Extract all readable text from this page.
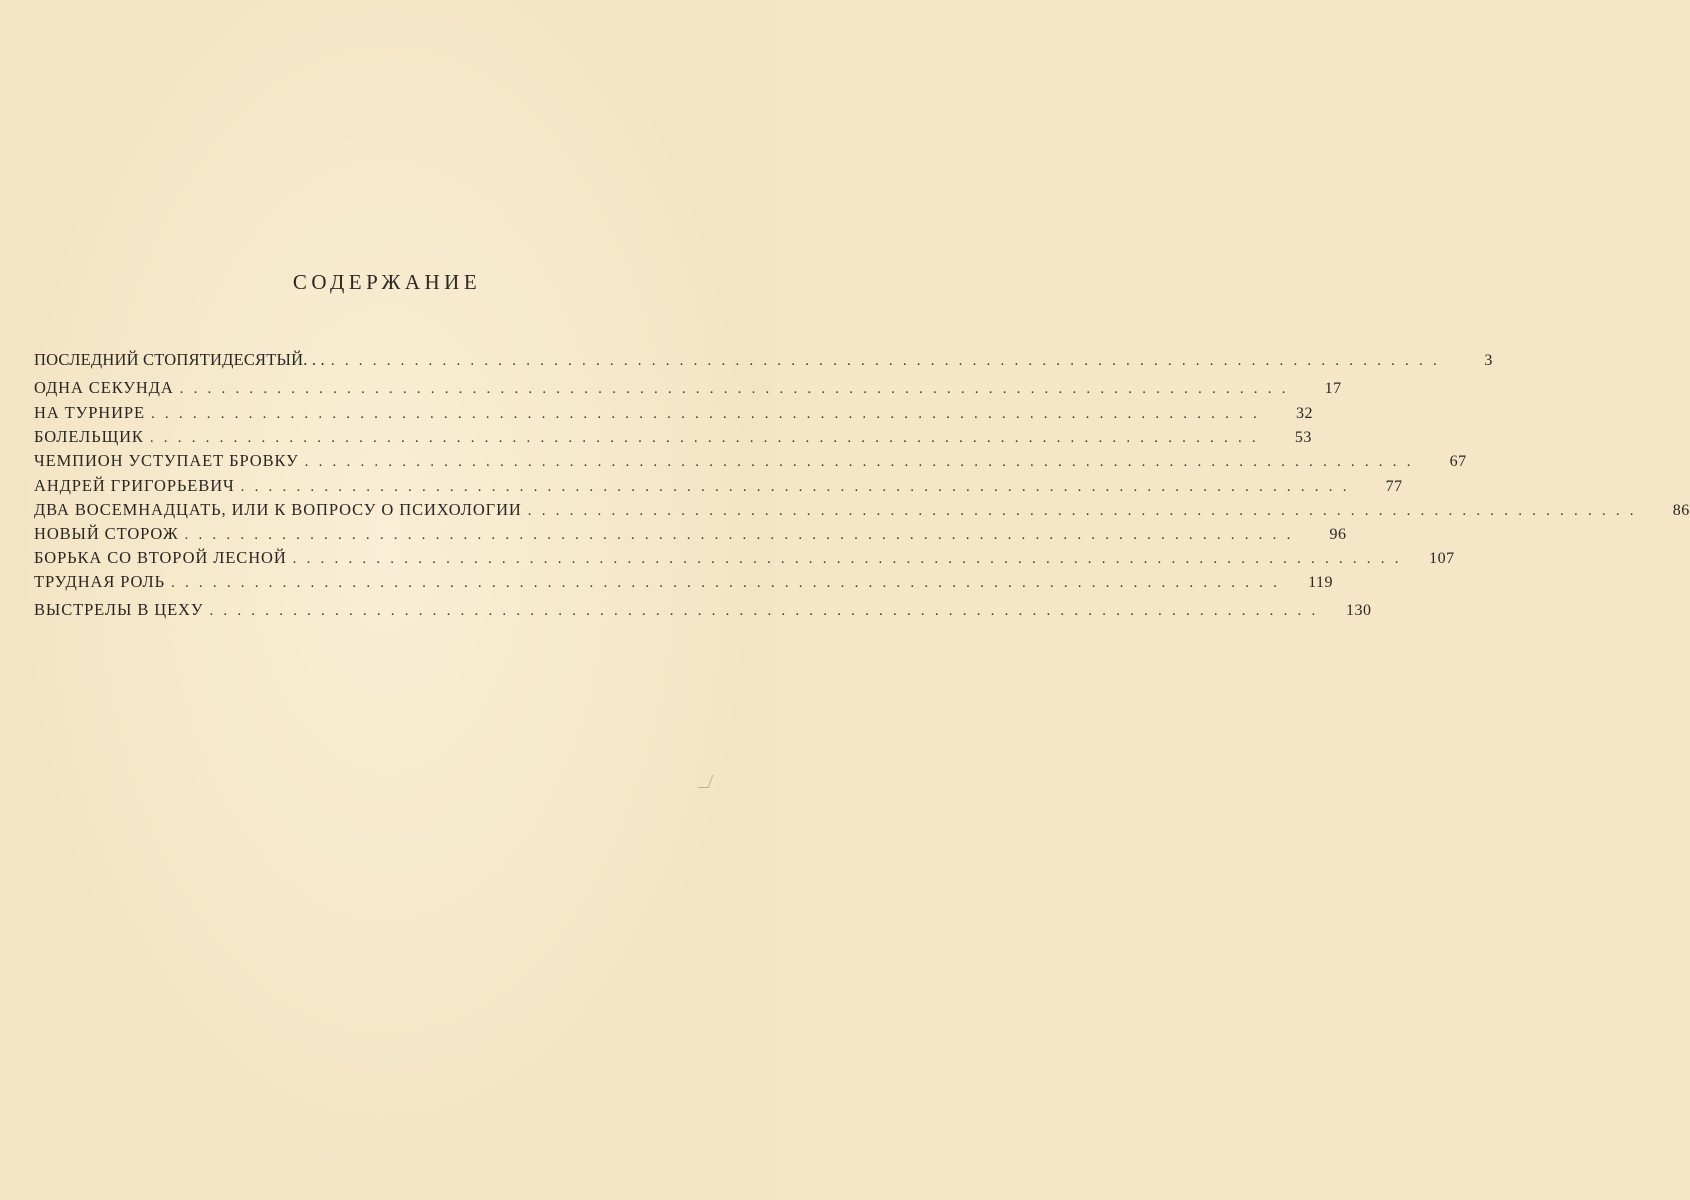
СОДЕРЖАНИЕ
ПОСЛЕДНИЙ СТОПЯТИДЕСЯТЫЙ. . . ................................................................................	3
ОДНА СЕКУНДА ................................................................................	17
НА ТУРНИРЕ ................................................................................	32
БОЛЕЛЬЩИК ................................................................................	53
ЧЕМПИОН УСТУПАЕТ БРОВКУ ................................................................................	67
АНДРЕЙ ГРИГОРЬЕВИЧ ................................................................................	77
ДВА ВОСЕМНАДЦАТЬ, ИЛИ К ВОПРОСУ О ПСИХОЛОГИИ ................................................................................	86
НОВЫЙ СТОРОЖ ................................................................................	96
БОРЬКА СО ВТОРОЙ ЛЕСНОЙ ................................................................................	107
ТРУДНАЯ РОЛЬ ................................................................................	119
ВЫСТРЕЛЫ В ЦЕХУ ................................................................................	130
